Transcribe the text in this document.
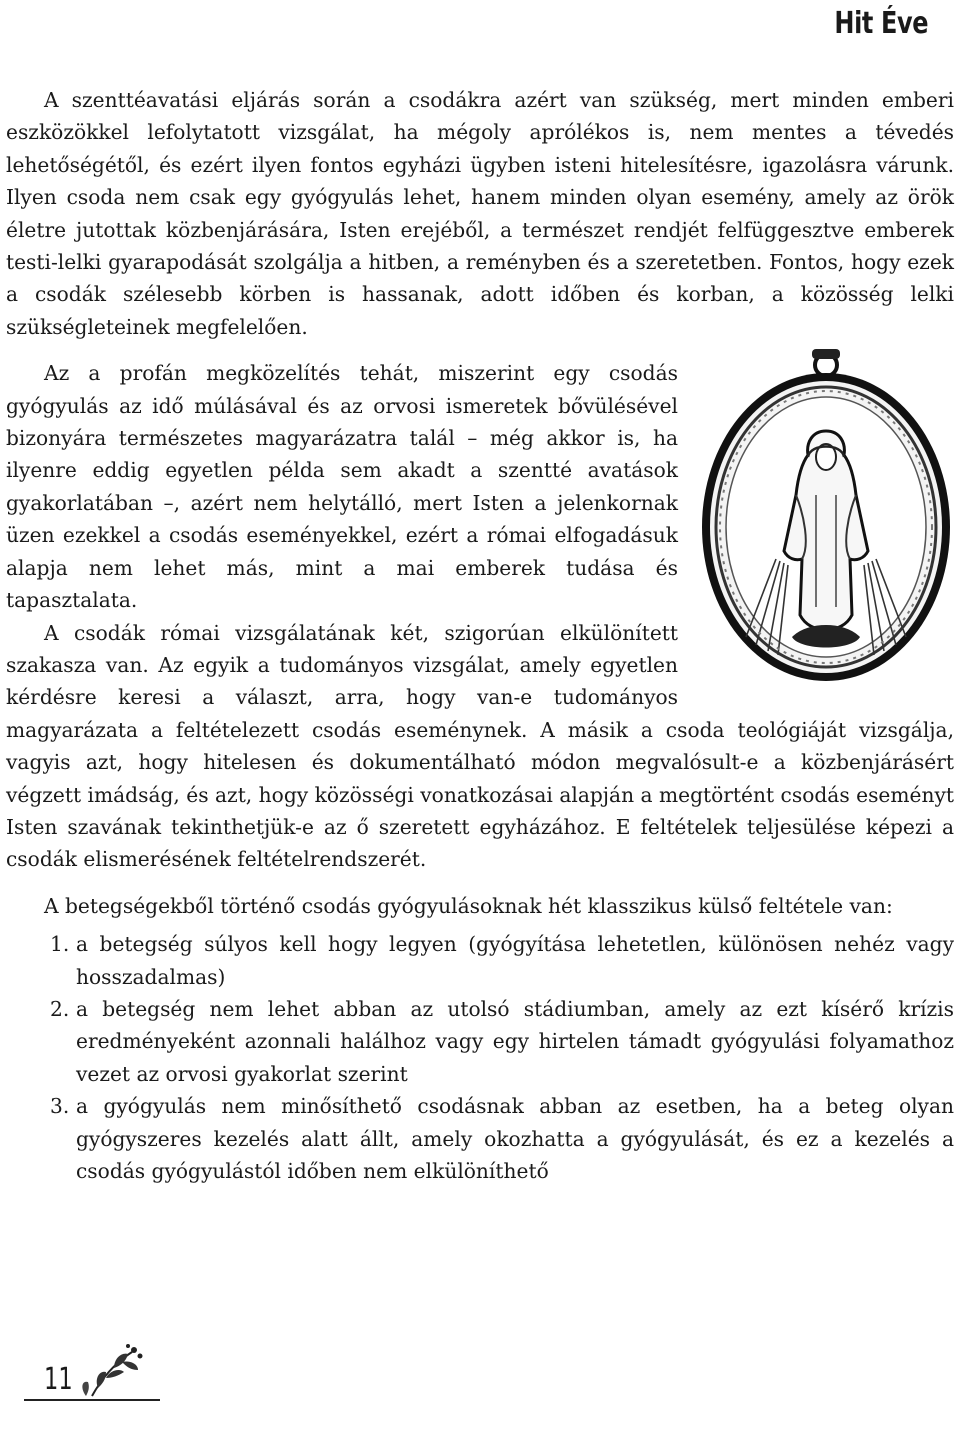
Hit Éve

A szenttéavatási eljárás során a csodákra azért van szükség, mert minden emberi eszközökkel lefolytatott vizsgálat, ha mégoly aprólékos is, nem mentes a tévedés lehetőségétől, és ezért ilyen fontos egyházi ügyben isteni hitelesítésre, igazolásra várunk. Ilyen csoda nem csak egy gyógyulás lehet, hanem minden olyan esemény, amely az örök életre jutottak közbenjárására, Isten erejéből, a természet rendjét felfüggesztve emberek testi-lelki gyarapodását szolgálja a hitben, a reményben és a szeretetben. Fontos, hogy ezek a csodák szélesebb körben is hassanak, adott időben és korban, a közösség lelki szükségleteinek megfelelően.

Az a profán megközelítés tehát, miszerint egy csodás gyógyulás az idő múlásával és az orvosi ismeretek bővülésével bizonyára természetes magyarázatra talál – még akkor is, ha ilyenre eddig egyetlen példa sem akadt a szentté avatások gyakorlatában –, azért nem helytálló, mert Isten a jelenkornak üzen ezekkel a csodás eseményekkel, ezért a római elfogadásuk alapja nem lehet más, mint a mai emberek tudása és tapasztalata.

A csodák római vizsgálatának két, szigorúan elkülönített szakasza van. Az egyik a tudományos vizsgálat, amely egyetlen kérdésre keresi a választ, arra, hogy van-e tudományos magyarázata a feltételezett csodás eseménynek. A másik a csoda teológiáját vizsgálja, vagyis azt, hogy hitelesen és dokumentálható módon megvalósult-e a közbenjárásért végzett imádság, és azt, hogy közösségi vonatkozásai alapján a megtörtént csodás eseményt Isten szavának tekinthetjük-e az ő szeretett egyházához. E feltételek teljesülése képezi a csodák elismerésének feltételrendszerét.

A betegségekből történő csodás gyógyulásoknak hét klasszikus külső feltétele van:

1. a betegség súlyos kell hogy legyen (gyógyítása lehetetlen, különösen nehéz vagy hosszadalmas)
2. a betegség nem lehet abban az utolsó stádiumban, amely az ezt kísérő krízis eredményeként azonnali halálhoz vagy egy hirtelen támadt gyógyulási folyamathoz vezet az orvosi gyakorlat szerint
3. a gyógyulás nem minősíthető csodásnak abban az esetben, ha a beteg olyan gyógyszeres kezelés alatt állt, amely okozhatta a gyógyulását, és ez a kezelés a csodás gyógyulástól időben nem elkülöníthető
11
